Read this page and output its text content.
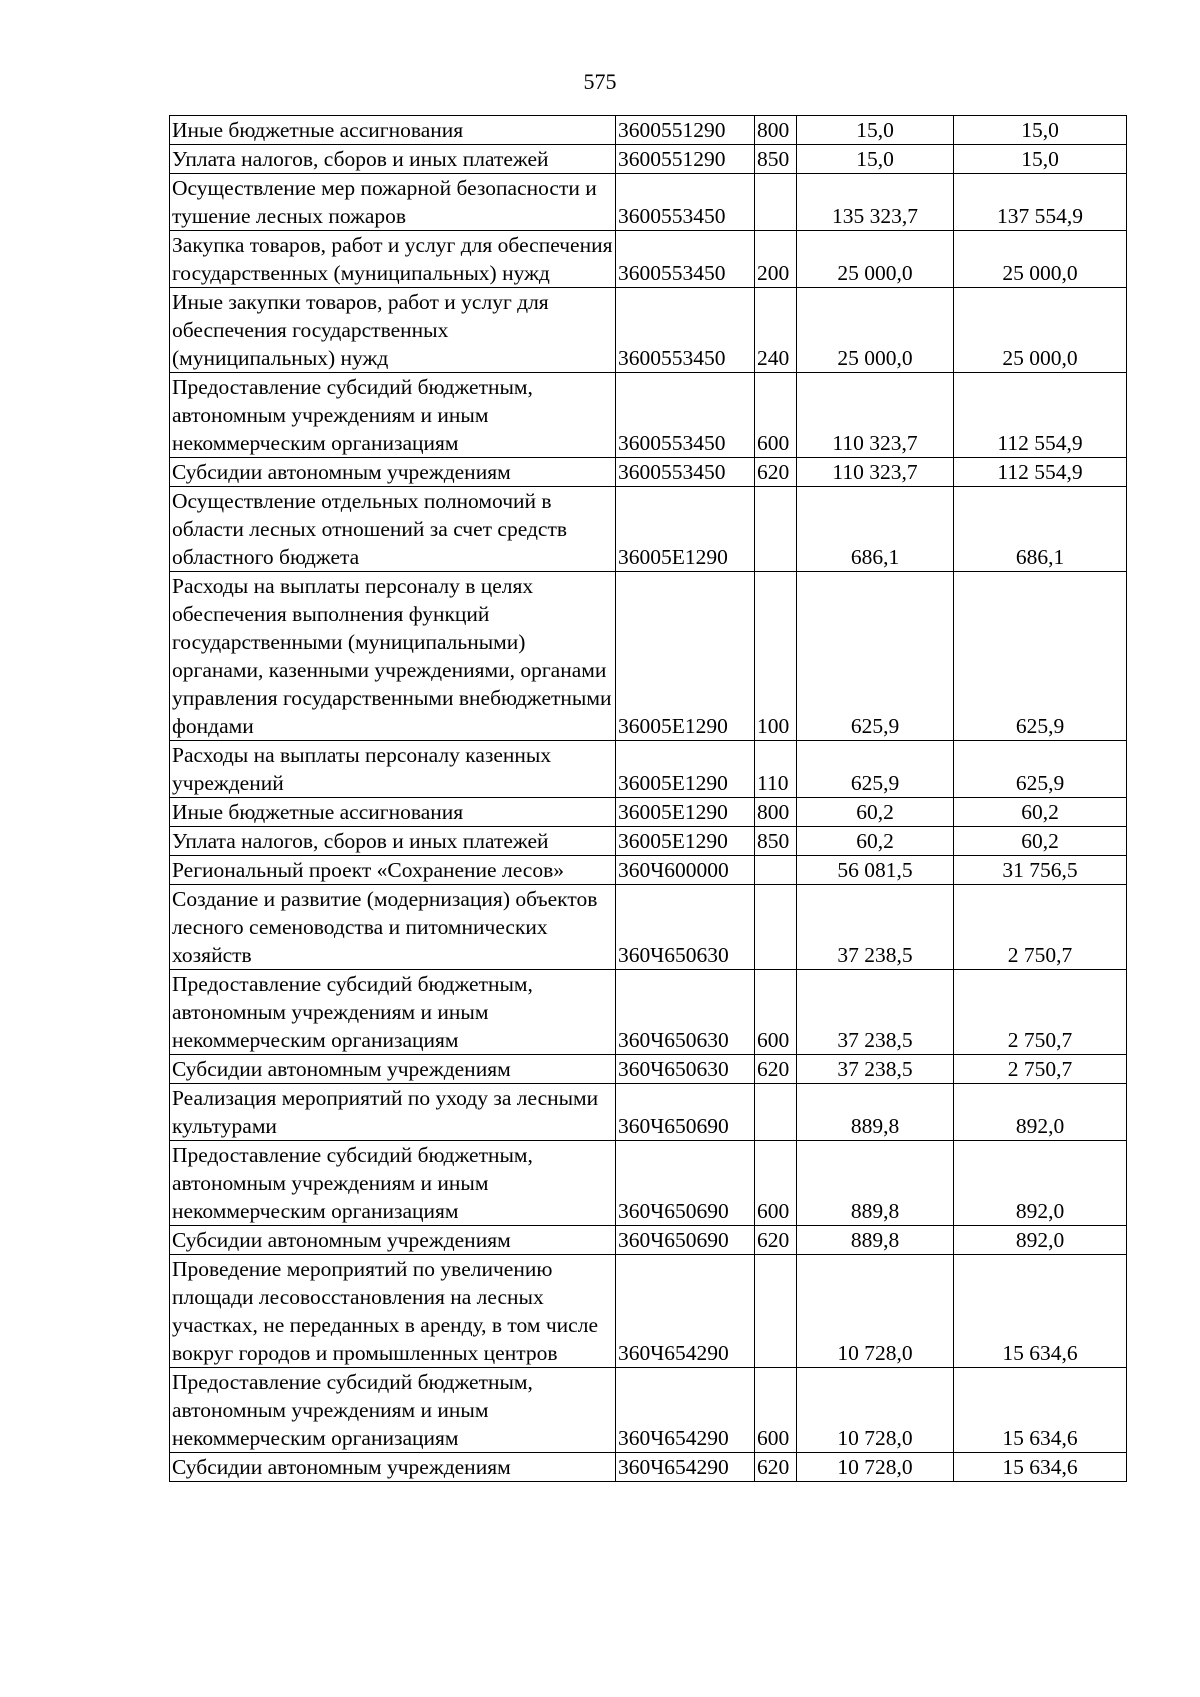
575
Иные бюджетные ассигнования	3600551290	800	15,0	15,0
Уплата налогов, сборов и иных платежей	3600551290	850	15,0	15,0
Осуществление мер пожарной безопасности и тушение лесных пожаров	3600553450		135 323,7	137 554,9
Закупка товаров, работ и услуг для обеспечения государственных (муниципальных) нужд	3600553450	200	25 000,0	25 000,0
Иные закупки товаров, работ и услуг для обеспечения государственных (муниципальных) нужд	3600553450	240	25 000,0	25 000,0
Предоставление субсидий бюджетным, автономным учреждениям и иным некоммерческим организациям	3600553450	600	110 323,7	112 554,9
Субсидии автономным учреждениям	3600553450	620	110 323,7	112 554,9
Осуществление отдельных полномочий в области лесных отношений за счет средств областного бюджета	36005Е1290		686,1	686,1
Расходы на выплаты персоналу в целях обеспечения выполнения функций государственными (муниципальными) органами, казенными учреждениями, органами управления государственными внебюджетными фондами	36005Е1290	100	625,9	625,9
Расходы на выплаты персоналу казенных учреждений	36005Е1290	110	625,9	625,9
Иные бюджетные ассигнования	36005Е1290	800	60,2	60,2
Уплата налогов, сборов и иных платежей	36005Е1290	850	60,2	60,2
Региональный проект «Сохранение лесов»	360Ч600000		56 081,5	31 756,5
Создание и развитие (модернизация) объектов лесного семеноводства и питомнических хозяйств	360Ч650630		37 238,5	2 750,7
Предоставление субсидий бюджетным, автономным учреждениям и иным некоммерческим организациям	360Ч650630	600	37 238,5	2 750,7
Субсидии автономным учреждениям	360Ч650630	620	37 238,5	2 750,7
Реализация мероприятий по уходу за лесными культурами	360Ч650690		889,8	892,0
Предоставление субсидий бюджетным, автономным учреждениям и иным некоммерческим организациям	360Ч650690	600	889,8	892,0
Субсидии автономным учреждениям	360Ч650690	620	889,8	892,0
Проведение мероприятий по увеличению площади лесовосстановления на лесных участках, не переданных в аренду, в том числе вокруг городов и промышленных центров	360Ч654290		10 728,0	15 634,6
Предоставление субсидий бюджетным, автономным учреждениям и иным некоммерческим организациям	360Ч654290	600	10 728,0	15 634,6
Субсидии автономным учреждениям	360Ч654290	620	10 728,0	15 634,6
